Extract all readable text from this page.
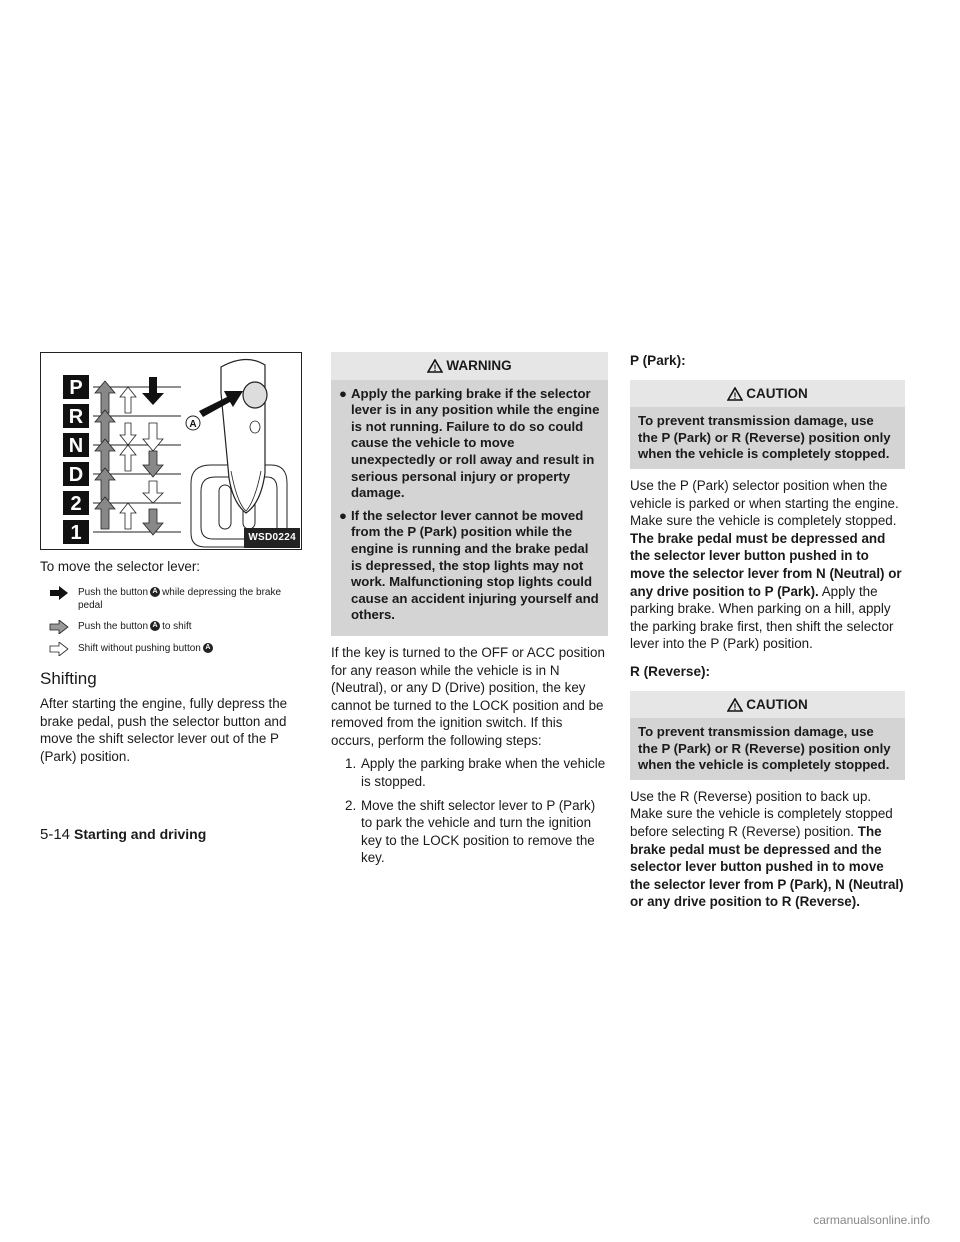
P
R
N
D
2
1
A
WSD0224

To move the selector lever:

Push the button A while depressing the brake pedal
Push the button A to shift
Shift without pushing button A
Shifting

After starting the engine, fully depress the brake pedal, push the selector button and move the shift selector lever out of the P (Park) position.

! WARNING
● Apply the parking brake if the selector lever is in any position while the engine is not running. Failure to do so could cause the vehicle to move unexpectedly or roll away and result in serious personal injury or property damage.
● If the selector lever cannot be moved from the P (Park) position while the engine is running and the brake pedal is depressed, the stop lights may not work. Malfunctioning stop lights could cause an accident injuring yourself and others.

If the key is turned to the OFF or ACC position for any reason while the vehicle is in N (Neutral), or any D (Drive) position, the key cannot be turned to the LOCK position and be removed from the ignition switch. If this occurs, perform the following steps:

1. Apply the parking brake when the vehicle is stopped.
2. Move the shift selector lever to P (Park) to park the vehicle and turn the ignition key to the LOCK position to remove the key.
P (Park):
! CAUTION
To prevent transmission damage, use the P (Park) or R (Reverse) position only when the vehicle is completely stopped.

Use the P (Park) selector position when the vehicle is parked or when starting the engine. Make sure the vehicle is completely stopped. The brake pedal must be depressed and the selector lever button pushed in to move the selector lever from N (Neutral) or any drive position to P (Park). Apply the parking brake. When parking on a hill, apply the parking brake first, then shift the selector lever into the P (Park) position.

R (Reverse):
! CAUTION
To prevent transmission damage, use the P (Park) or R (Reverse) position only when the vehicle is completely stopped.

Use the R (Reverse) position to back up. Make sure the vehicle is completely stopped before selecting R (Reverse) position. The brake pedal must be depressed and the selector lever button pushed in to move the selector lever from P (Park), N (Neutral) or any drive position to R (Reverse).

5-14 Starting and driving
carmanualsonline.info
